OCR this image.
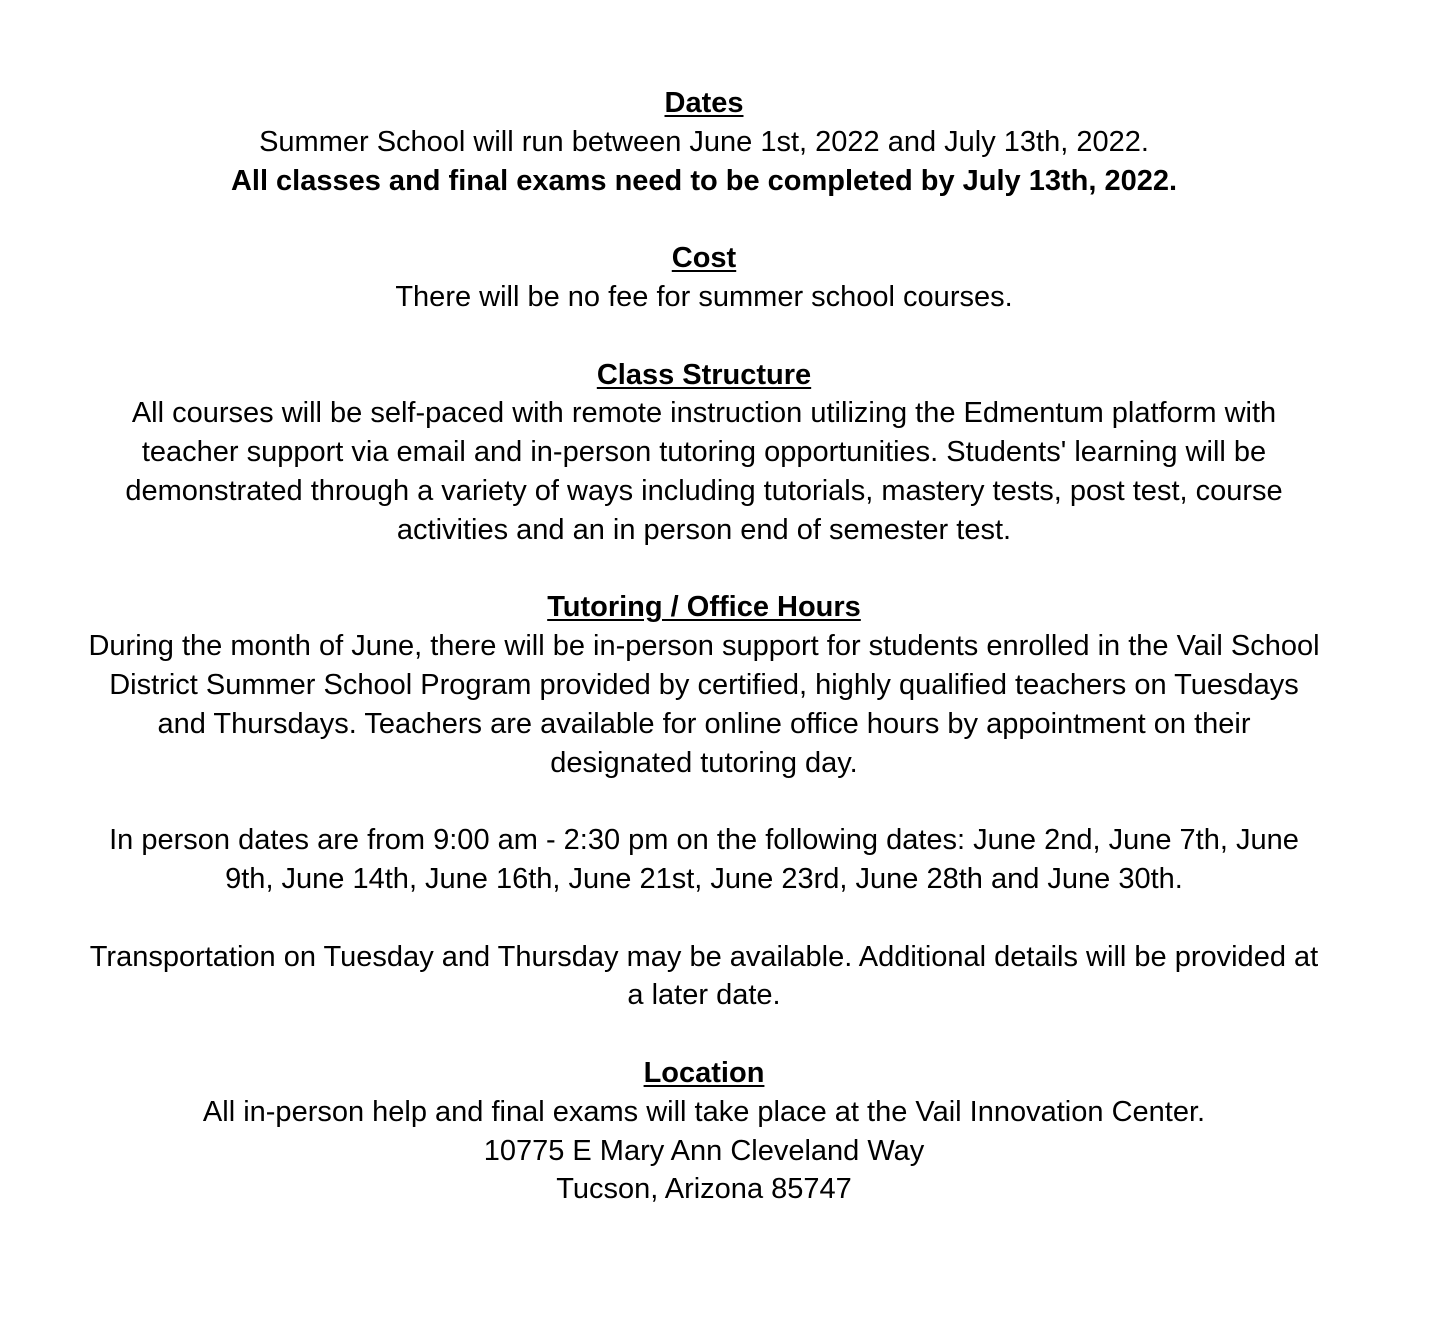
Dates
Summer School will run between June 1st, 2022 and July 13th, 2022.
All classes and final exams need to be completed by July 13th, 2022.
Cost
There will be no fee for summer school courses.
Class Structure
All courses will be self-paced with remote instruction utilizing the Edmentum platform with
teacher support via email and in-person tutoring opportunities. Students' learning will be
demonstrated through a variety of ways including tutorials, mastery tests, post test, course
activities and an in person end of semester test.
Tutoring / Office Hours
During the month of June, there will be in-person support for students enrolled in the Vail School
District Summer School Program provided by certified, highly qualified teachers on Tuesdays
and Thursdays. Teachers are available for online office hours by appointment on their
designated tutoring day.
In person dates are from 9:00 am - 2:30 pm on the following dates: June 2nd, June 7th, June
9th, June 14th, June 16th, June 21st, June 23rd, June 28th and June 30th.
Transportation on Tuesday and Thursday may be available. Additional details will be provided at
a later date.
Location
All in-person help and final exams will take place at the Vail Innovation Center.
10775 E Mary Ann Cleveland Way
Tucson, Arizona 85747
